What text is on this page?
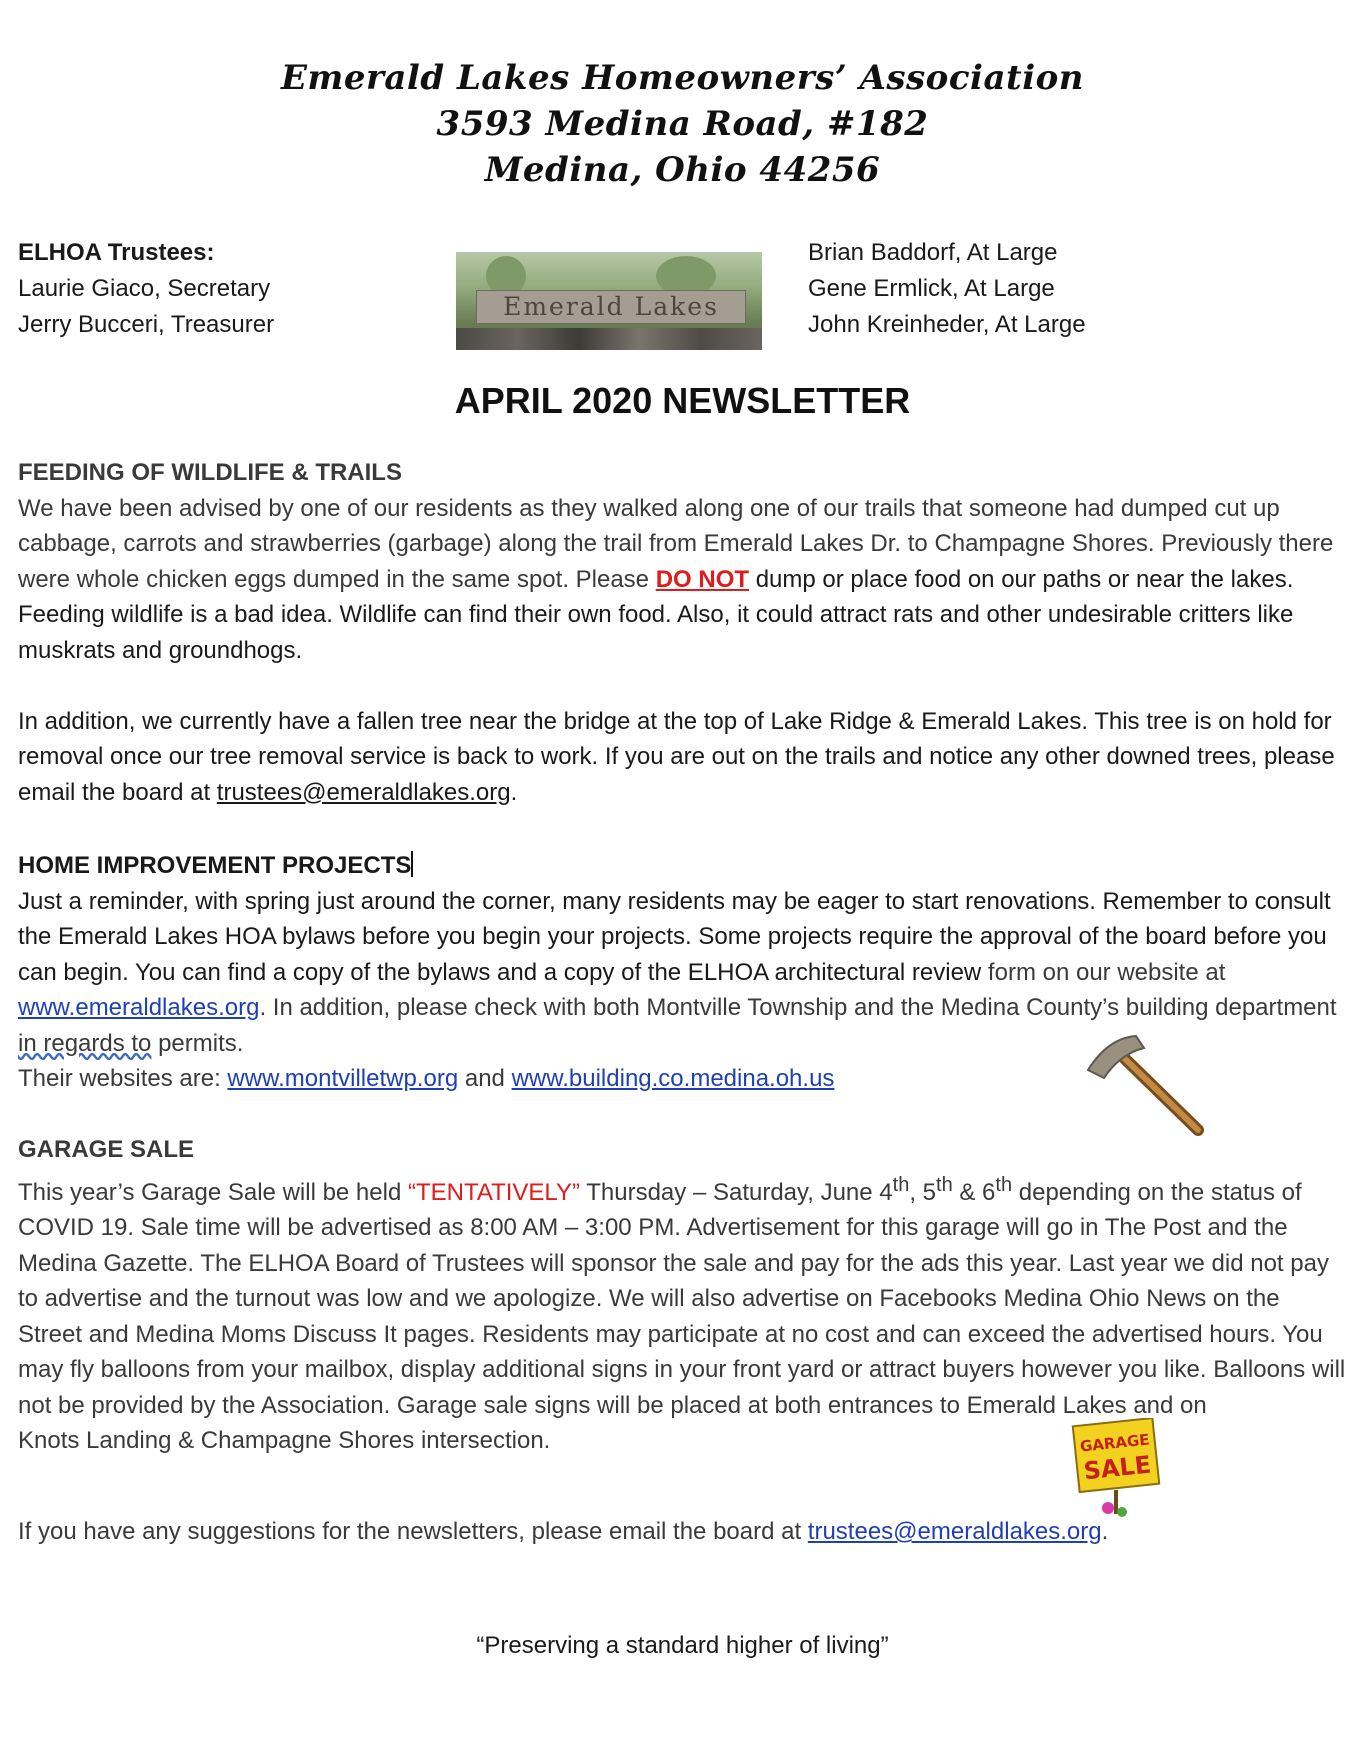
Emerald Lakes Homeowners’ Association
3593 Medina Road, #182
Medina, Ohio 44256
ELHOA Trustees:
Laurie Giaco, Secretary
Jerry Bucceri, Treasurer
Emerald Lakes
Brian Baddorf, At Large
Gene Ermlick, At Large
John Kreinheder, At Large
APRIL 2020 NEWSLETTER
FEEDING OF WILDLIFE & TRAILS

We have been advised by one of our residents as they walked along one of our trails that someone had dumped cut up cabbage, carrots and strawberries (garbage) along the trail from Emerald Lakes Dr. to Champagne Shores. Previously there were whole chicken eggs dumped in the same spot. Please DO NOT dump or place food on our paths or near the lakes. Feeding wildlife is a bad idea. Wildlife can find their own food. Also, it could attract rats and other undesirable critters like muskrats and groundhogs.

In addition, we currently have a fallen tree near the bridge at the top of Lake Ridge & Emerald Lakes. This tree is on hold for removal once our tree removal service is back to work. If you are out on the trails and notice any other downed trees, please email the board at trustees@emeraldlakes.org.

HOME IMPROVEMENT PROJECTS

Just a reminder, with spring just around the corner, many residents may be eager to start renovations. Remember to consult the Emerald Lakes HOA bylaws before you begin your projects. Some projects require the approval of the board before you can begin. You can find a copy of the bylaws and a copy of the ELHOA architectural review form on our website at www.emeraldlakes.org. In addition, please check with both Montville Township and the Medina County’s building department in regards to permits.
Their websites are: www.montvilletwp.org and www.building.co.medina.oh.us

GARAGE SALE

This year’s Garage Sale will be held “TENTATIVELY” Thursday – Saturday, June 4th, 5th & 6th depending on the status of COVID 19. Sale time will be advertised as 8:00 AM – 3:00 PM. Advertisement for this garage will go in The Post and the Medina Gazette. The ELHOA Board of Trustees will sponsor the sale and pay for the ads this year. Last year we did not pay to advertise and the turnout was low and we apologize. We will also advertise on Facebooks Medina Ohio News on the Street and Medina Moms Discuss It pages. Residents may participate at no cost and can exceed the advertised hours. You may fly balloons from your mailbox, display additional signs in your front yard or attract buyers however you like. Balloons will not be provided by the Association. Garage sale signs will be placed at both entrances to Emerald Lakes and on
Knots Landing & Champagne Shores intersection.	GARAGE
SALE

If you have any suggestions for the newsletters, please email the board at trustees@emeraldlakes.org.

“Preserving a standard higher of living”
